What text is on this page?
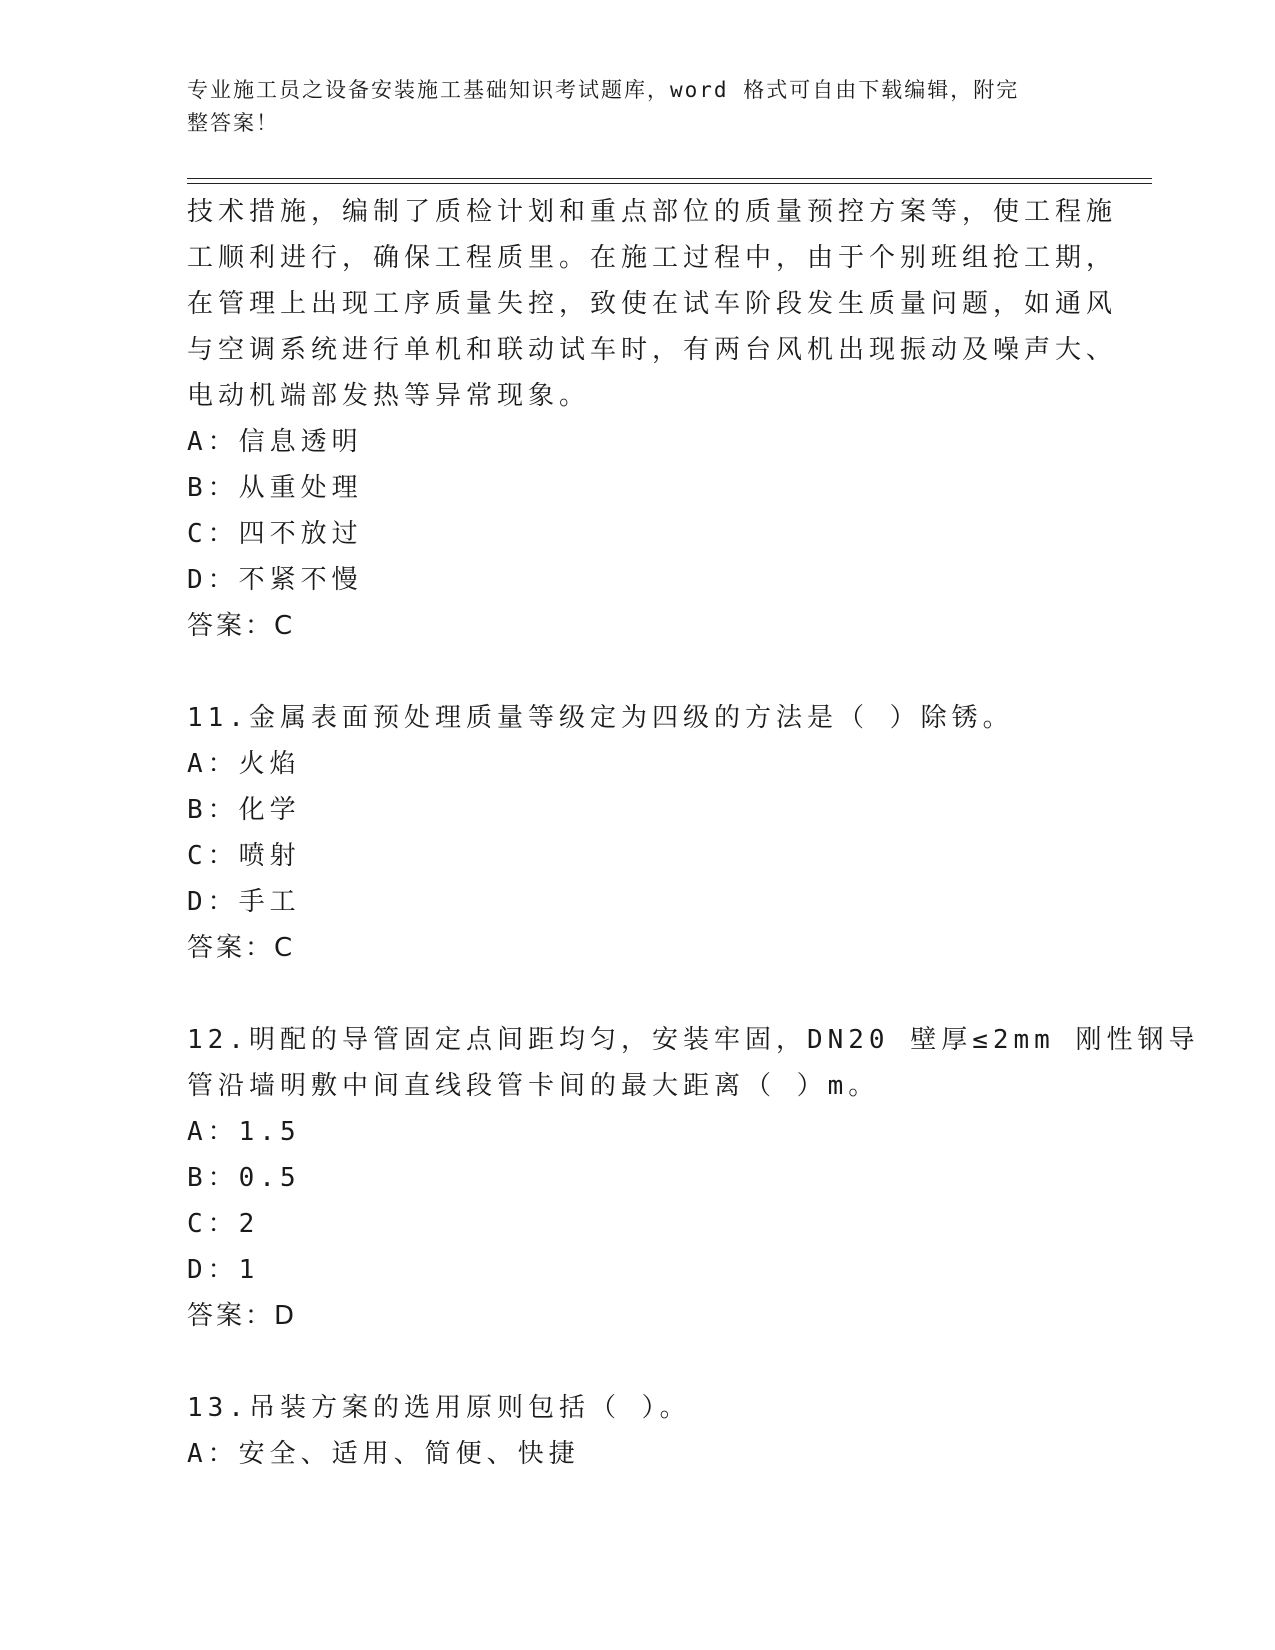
专业施工员之设备安装施工基础知识考试题库，word 格式可自由下载编辑，附完
整答案！
技术措施，编制了质检计划和重点部位的质量预控方案等，使工程施
工顺利进行，确保工程质里。在施工过程中，由于个别班组抢工期，
在管理上出现工序质量失控，致使在试车阶段发生质量问题，如通风
与空调系统进行单机和联动试车时，有两台风机出现振动及噪声大、
电动机端部发热等异常现象。
A：信息透明
B：从重处理
C：四不放过
D：不紧不慢
答案：C
11.金属表面预处理质量等级定为四级的方法是（ ）除锈。
A：火焰
B：化学
C：喷射
D：手工
答案：C
12.明配的导管固定点间距均匀，安装牢固，DN20 壁厚≤2mm 刚性钢导
管沿墙明敷中间直线段管卡间的最大距离（ ）m。
A：1.5
B：0.5
C：2
D：1
答案：D
13.吊装方案的选用原则包括（ ）。
A：安全、适用、简便、快捷
